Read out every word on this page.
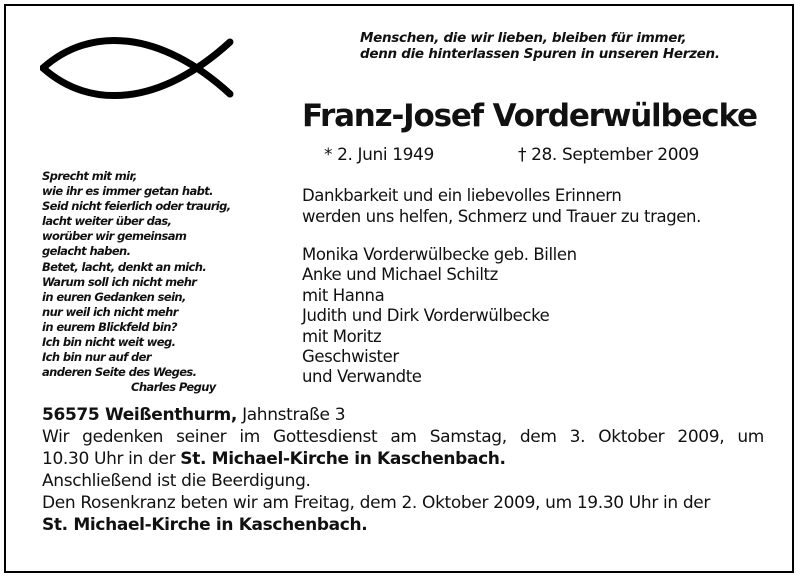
Menschen, die wir lieben, bleiben für immer,
denn die hinterlassen Spuren in unseren Herzen.
Franz-Josef Vorderwülbecke
* 2. Juni 1949	† 28. September 2009
Sprecht mit mir,
wie ihr es immer getan habt.
Seid nicht feierlich oder traurig,
lacht weiter über das,
worüber wir gemeinsam
gelacht haben.
Betet, lacht, denkt an mich.
Warum soll ich nicht mehr
in euren Gedanken sein,
nur weil ich nicht mehr
in eurem Blickfeld bin?
Ich bin nicht weit weg.
Ich bin nur auf der
anderen Seite des Weges.
Charles Peguy
Dankbarkeit und ein liebevolles Erinnern
werden uns helfen, Schmerz und Trauer zu tragen.
Monika Vorderwülbecke geb. Billen
Anke und Michael Schiltz
mit Hanna
Judith und Dirk Vorderwülbecke
mit Moritz
Geschwister
und Verwandte
56575 Weißenthurm, Jahnstraße 3
Wir gedenken seiner im Gottesdienst am Samstag, dem 3. Oktober 2009, um
10.30 Uhr in der St. Michael-Kirche in Kaschenbach.
Anschließend ist die Beerdigung.
Den Rosenkranz beten wir am Freitag, dem 2. Oktober 2009, um 19.30 Uhr in der
St. Michael-Kirche in Kaschenbach.
